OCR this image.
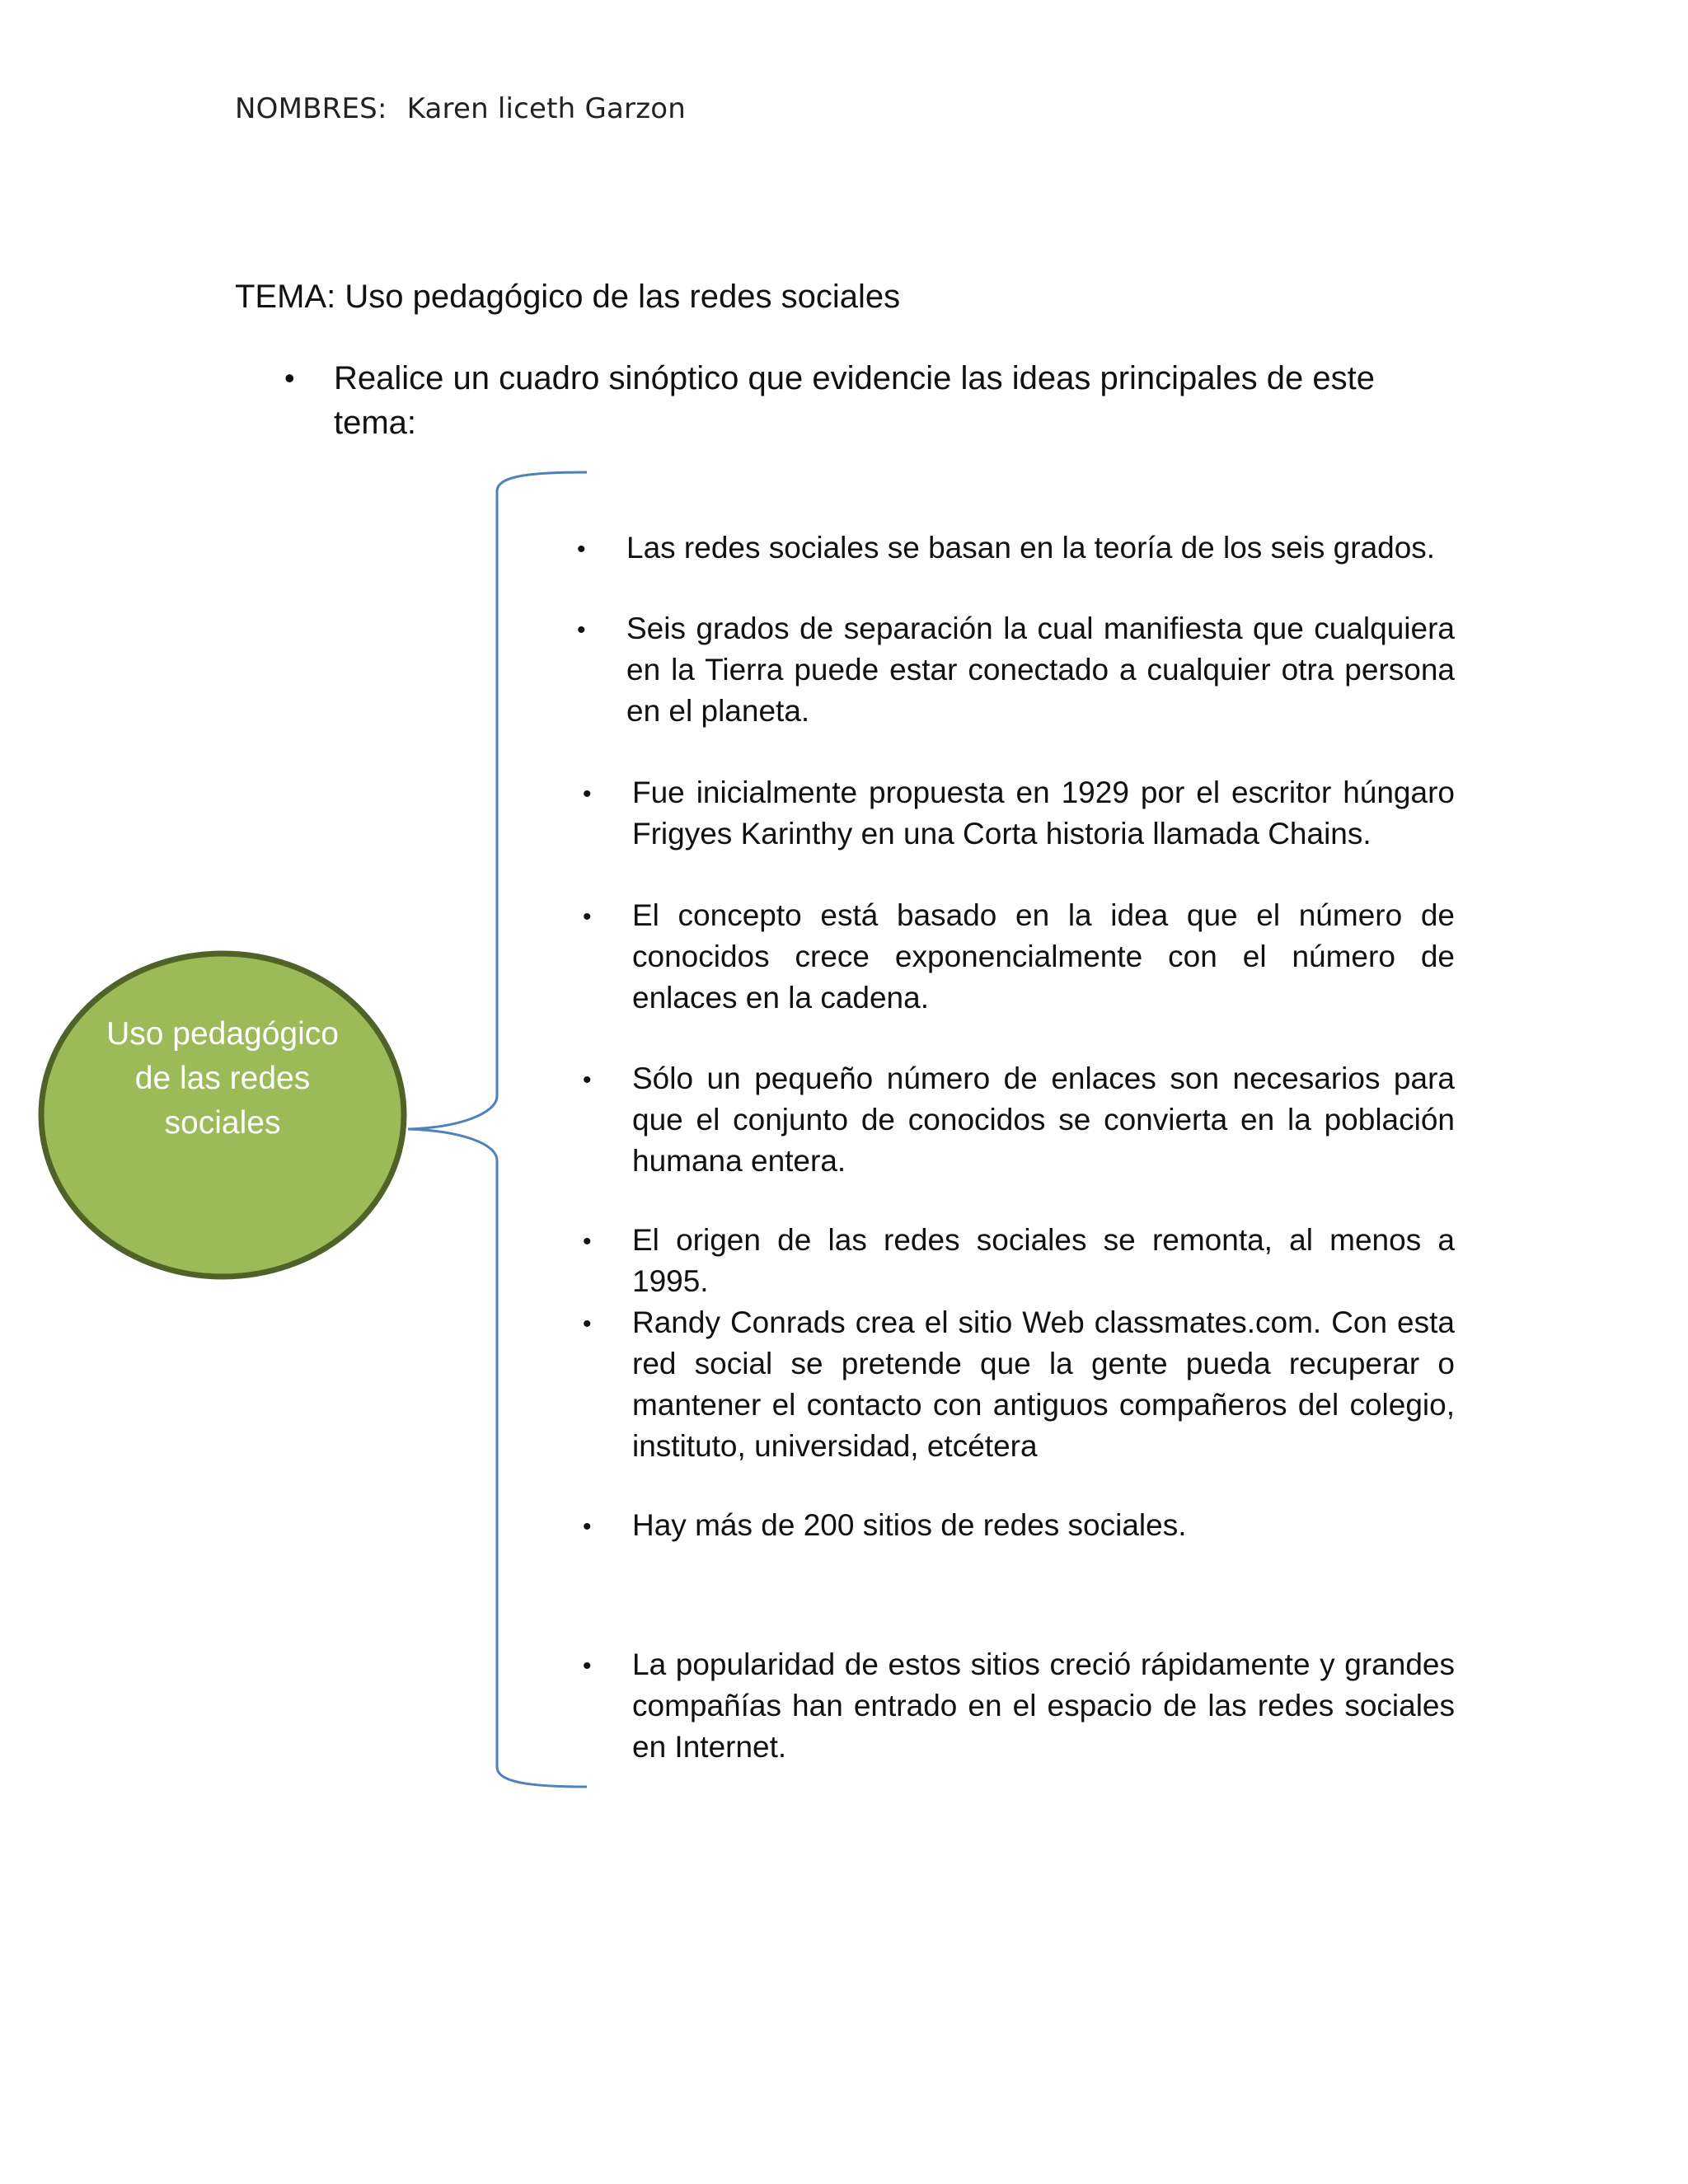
NOMBRES: Karen liceth Garzon
TEMA: Uso pedagógico de las redes sociales
• Realice un cuadro sinóptico que evidencie las ideas principales de este tema:
Uso pedagógico de las redes sociales
• Las redes sociales se basan en la teoría de los seis grados.
• Seis grados de separación la cual manifiesta que cualquiera en la Tierra puede estar conectado a cualquier otra persona en el planeta.
• Fue inicialmente propuesta en 1929 por el escritor húngaro Frigyes Karinthy en una Corta historia llamada Chains.
• El concepto está basado en la idea que el número de conocidos crece exponencialmente con el número de enlaces en la cadena.
• Sólo un pequeño número de enlaces son necesarios para que el conjunto de conocidos se convierta en la población humana entera.
• El origen de las redes sociales se remonta, al menos a 1995.
• Randy Conrads crea el sitio Web classmates.com. Con esta red social se pretende que la gente pueda recuperar o mantener el contacto con antiguos compañeros del colegio, instituto, universidad, etcétera
• Hay más de 200 sitios de redes sociales.
• La popularidad de estos sitios creció rápidamente y grandes compañías han entrado en el espacio de las redes sociales en Internet.
